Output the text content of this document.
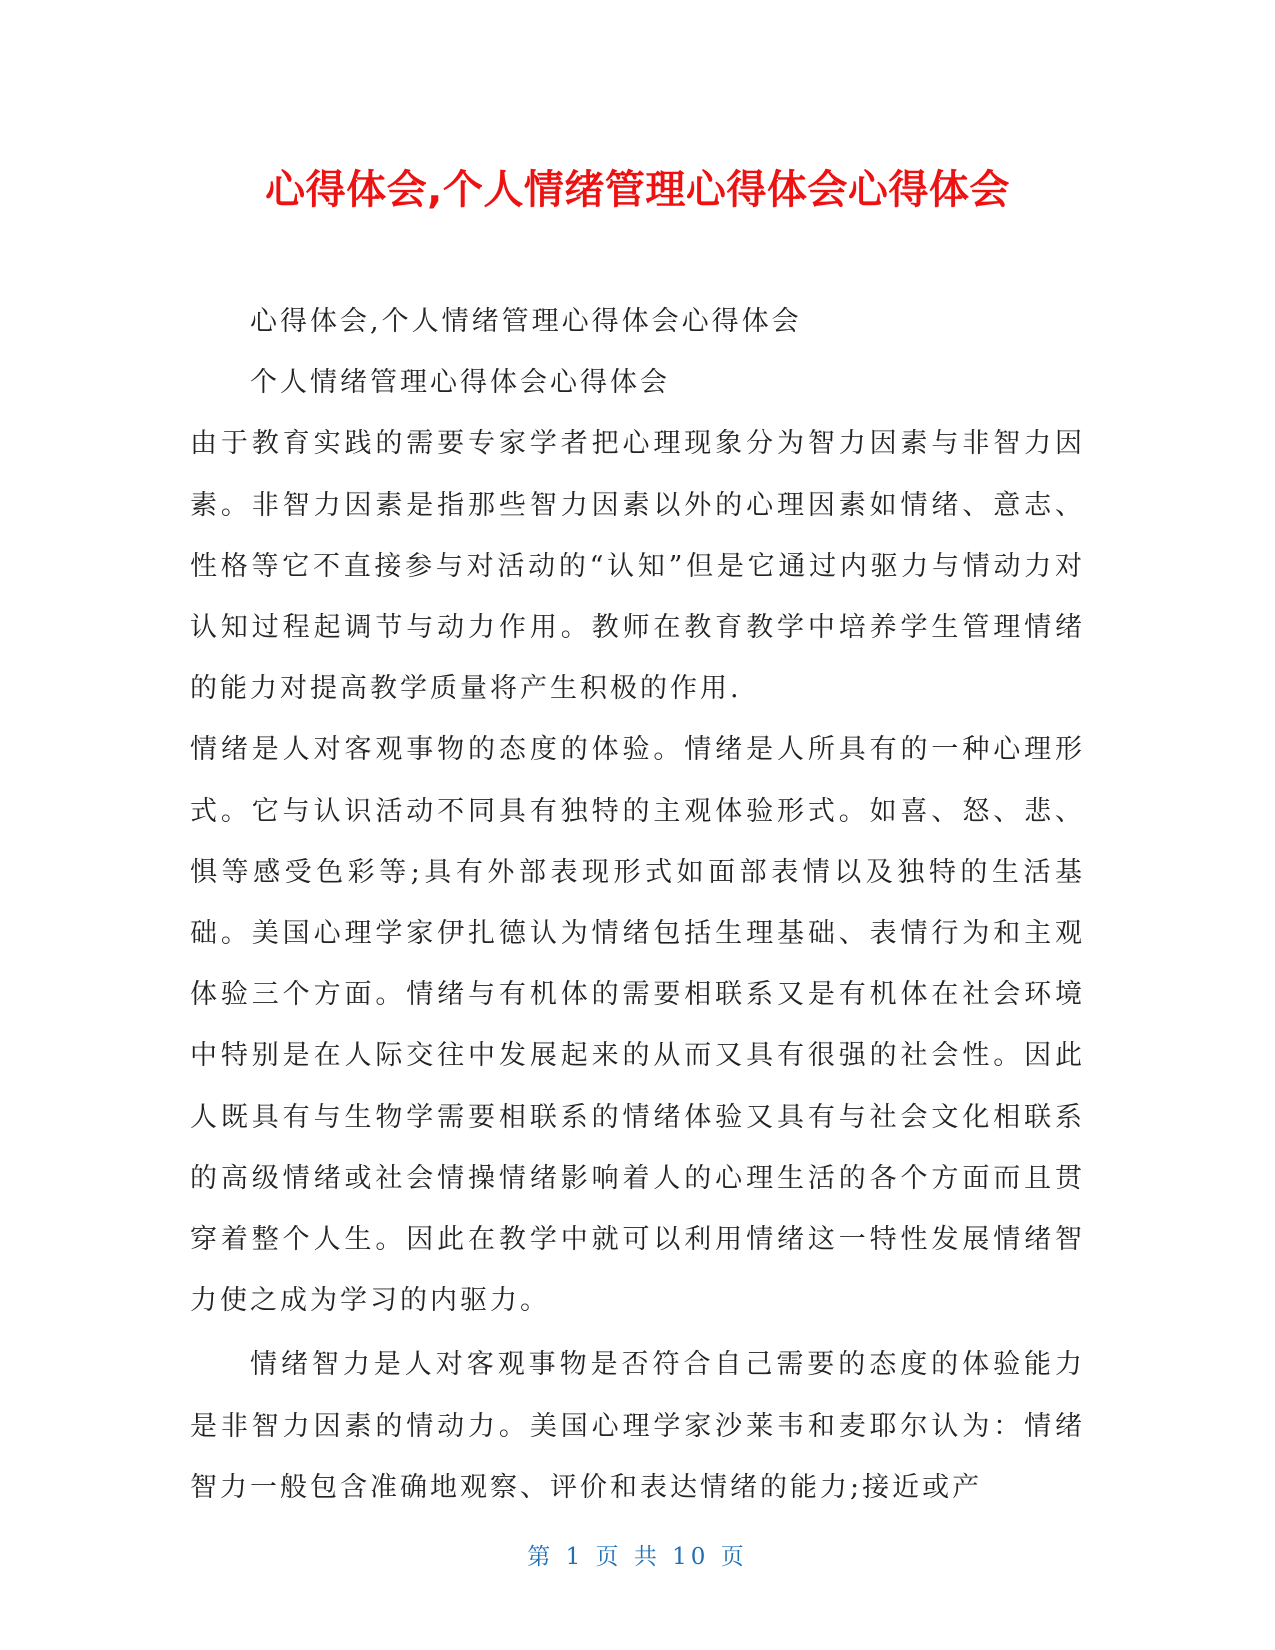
心得体会,个人情绪管理心得体会心得体会

心得体会,个人情绪管理心得体会心得体会

个人情绪管理心得体会心得体会

由于教育实践的需要专家学者把心理现象分为智力因素与非智力因素。非智力因素是指那些智力因素以外的心理因素如情绪、意志、性格等它不直接参与对活动的“认知”但是它通过内驱力与情动力对认知过程起调节与动力作用。教师在教育教学中培养学生管理情绪的能力对提高教学质量将产生积极的作用.

情绪是人对客观事物的态度的体验。情绪是人所具有的一种心理形式。它与认识活动不同具有独特的主观体验形式。如喜、怒、悲、惧等感受色彩等;具有外部表现形式如面部表情以及独特的生活基础。美国心理学家伊扎德认为情绪包括生理基础、表情行为和主观体验三个方面。情绪与有机体的需要相联系又是有机体在社会环境中特别是在人际交往中发展起来的从而又具有很强的社会性。因此人既具有与生物学需要相联系的情绪体验又具有与社会文化相联系的高级情绪或社会情操情绪影响着人的心理生活的各个方面而且贯穿着整个人生。因此在教学中就可以利用情绪这一特性发展情绪智力使之成为学习的内驱力。

情绪智力是人对客观事物是否符合自己需要的态度的体验能力是非智力因素的情动力。美国心理学家沙莱韦和麦耶尔认为：情绪智力一般包含准确地观察、评价和表达情绪的能力;接近或产

第 1 页 共 10 页
